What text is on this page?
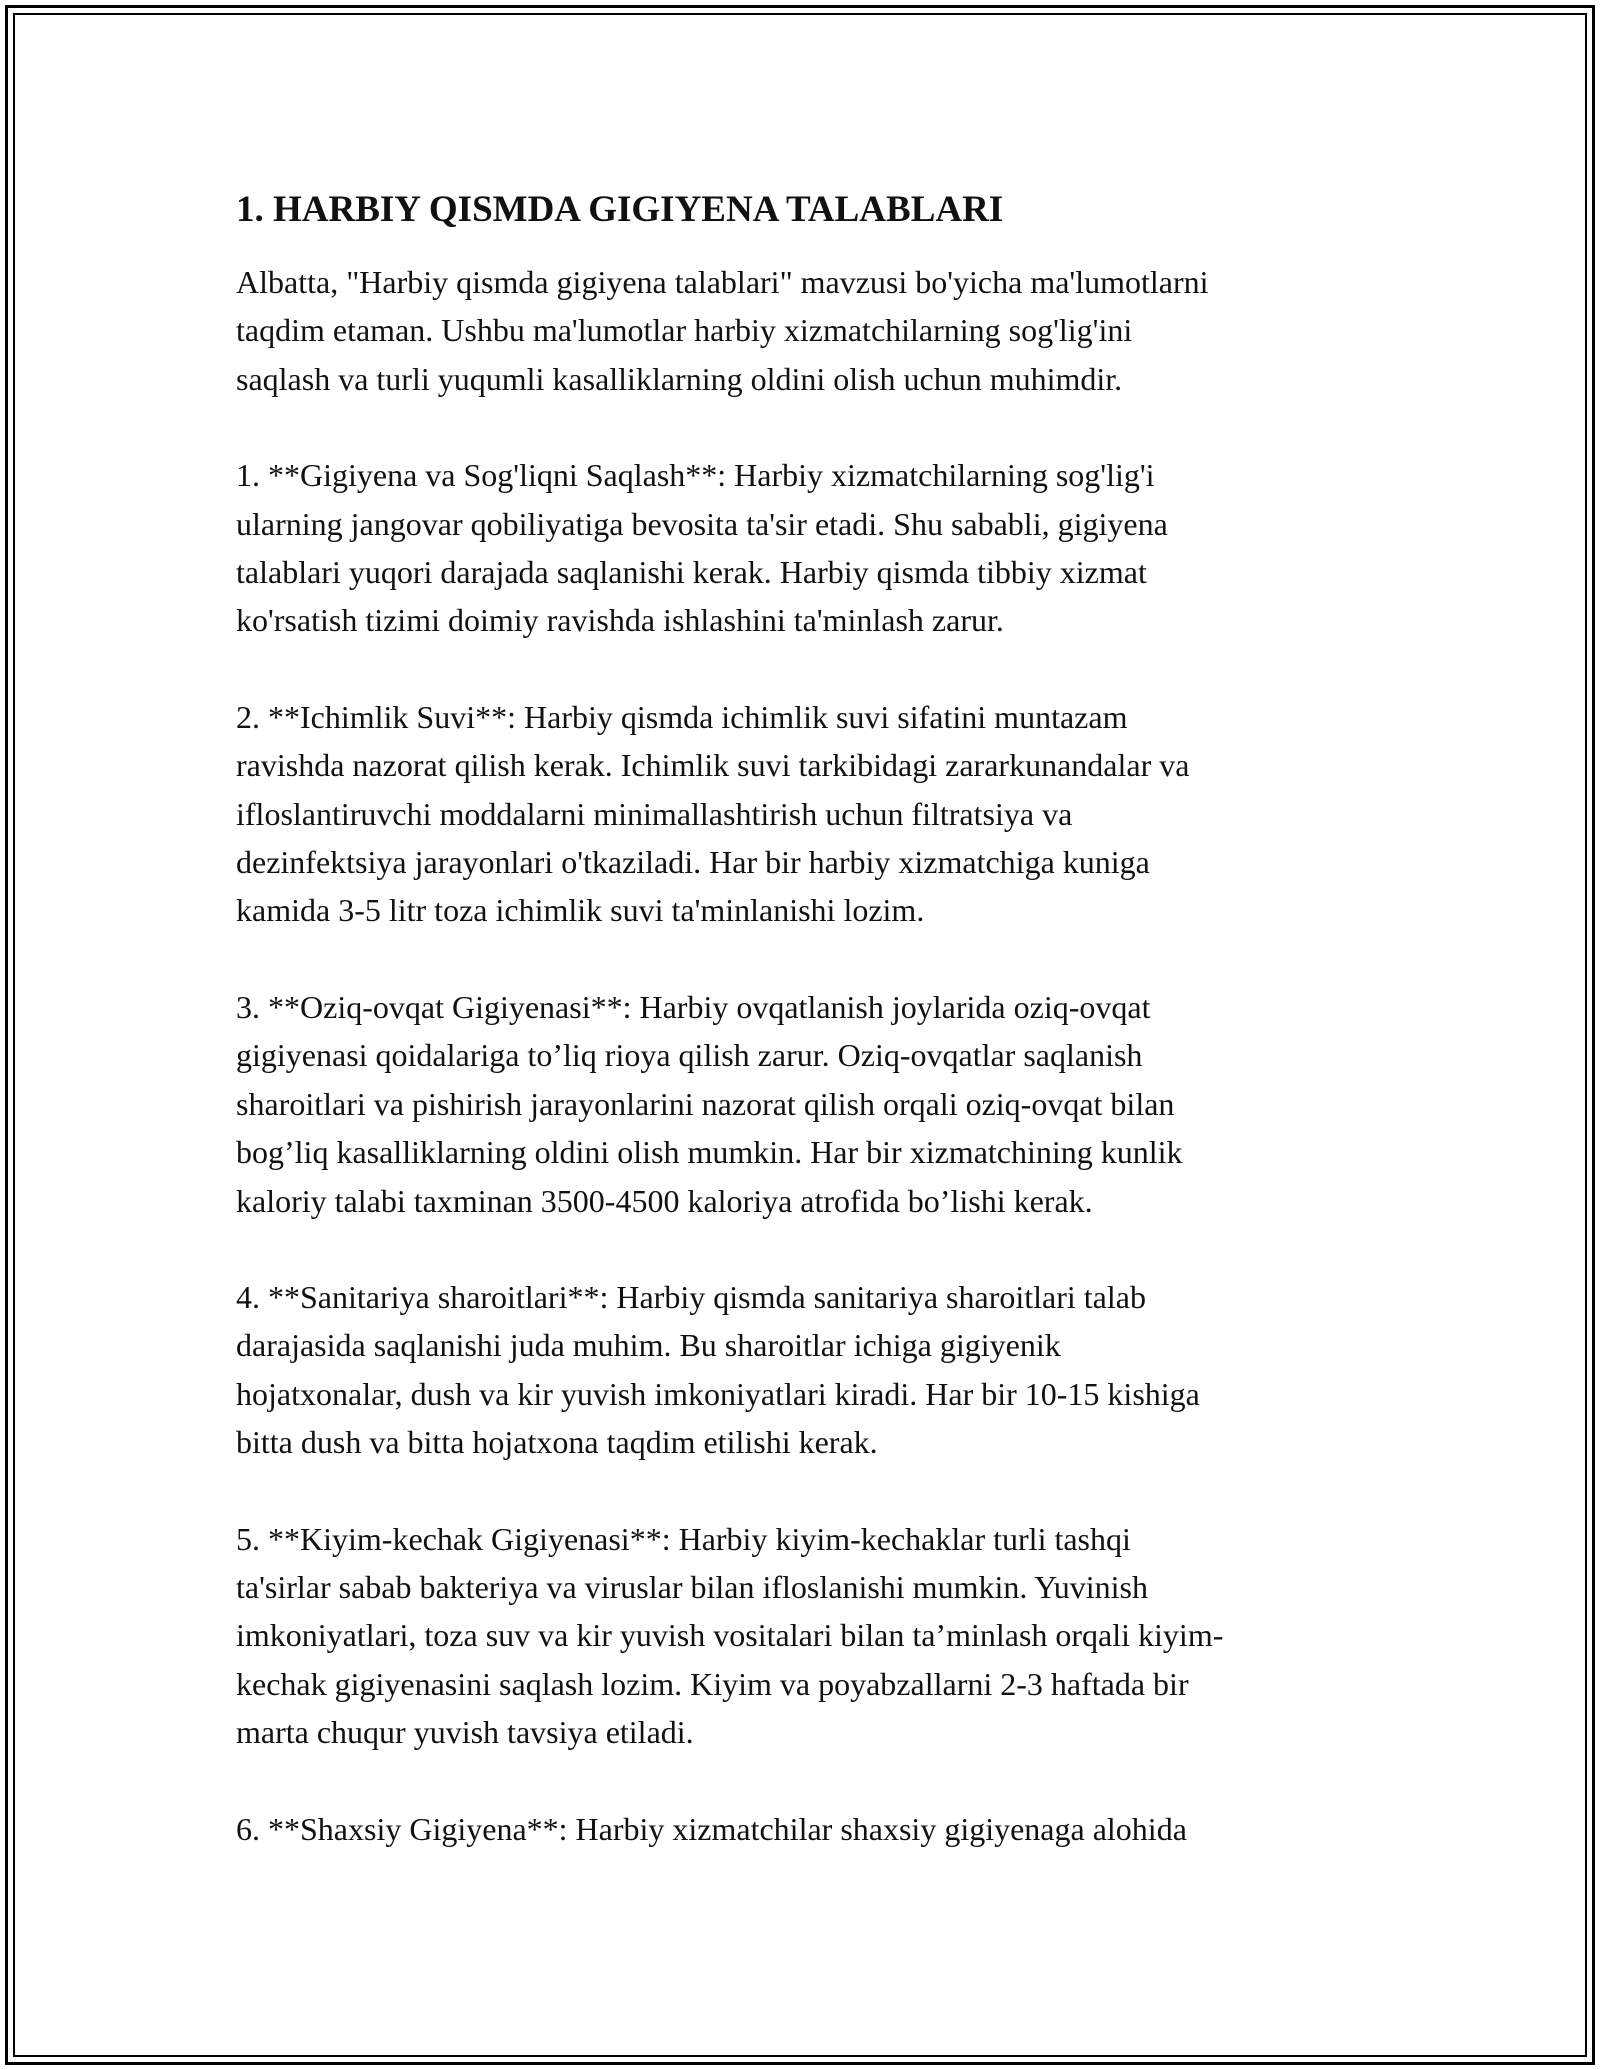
1. HARBIY QISMDA GIGIYENA TALABLARI

Albatta, "Harbiy qismda gigiyena talablari" mavzusi bo'yicha ma'lumotlarni
taqdim etaman. Ushbu ma'lumotlar harbiy xizmatchilarning sog'lig'ini
saqlash va turli yuqumli kasalliklarning oldini olish uchun muhimdir.

1. **Gigiyena va Sog'liqni Saqlash**: Harbiy xizmatchilarning sog'lig'i
ularning jangovar qobiliyatiga bevosita ta'sir etadi. Shu sababli, gigiyena
talablari yuqori darajada saqlanishi kerak. Harbiy qismda tibbiy xizmat
ko'rsatish tizimi doimiy ravishda ishlashini ta'minlash zarur.

2. **Ichimlik Suvi**: Harbiy qismda ichimlik suvi sifatini muntazam
ravishda nazorat qilish kerak. Ichimlik suvi tarkibidagi zararkunandalar va
ifloslantiruvchi moddalarni minimallashtirish uchun filtratsiya va
dezinfektsiya jarayonlari o'tkaziladi. Har bir harbiy xizmatchiga kuniga
kamida 3-5 litr toza ichimlik suvi ta'minlanishi lozim.

3. **Oziq-ovqat Gigiyenasi**: Harbiy ovqatlanish joylarida oziq-ovqat
gigiyenasi qoidalariga to’liq rioya qilish zarur. Oziq-ovqatlar saqlanish
sharoitlari va pishirish jarayonlarini nazorat qilish orqali oziq-ovqat bilan
bog’liq kasalliklarning oldini olish mumkin. Har bir xizmatchining kunlik
kaloriy talabi taxminan 3500-4500 kaloriya atrofida bo’lishi kerak.

4. **Sanitariya sharoitlari**: Harbiy qismda sanitariya sharoitlari talab
darajasida saqlanishi juda muhim. Bu sharoitlar ichiga gigiyenik
hojatxonalar, dush va kir yuvish imkoniyatlari kiradi. Har bir 10-15 kishiga
bitta dush va bitta hojatxona taqdim etilishi kerak.

5. **Kiyim-kechak Gigiyenasi**: Harbiy kiyim-kechaklar turli tashqi
ta'sirlar sabab bakteriya va viruslar bilan ifloslanishi mumkin. Yuvinish
imkoniyatlari, toza suv va kir yuvish vositalari bilan ta’minlash orqali kiyim-
kechak gigiyenasini saqlash lozim. Kiyim va poyabzallarni 2-3 haftada bir
marta chuqur yuvish tavsiya etiladi.

6. **Shaxsiy Gigiyena**: Harbiy xizmatchilar shaxsiy gigiyenaga alohida
